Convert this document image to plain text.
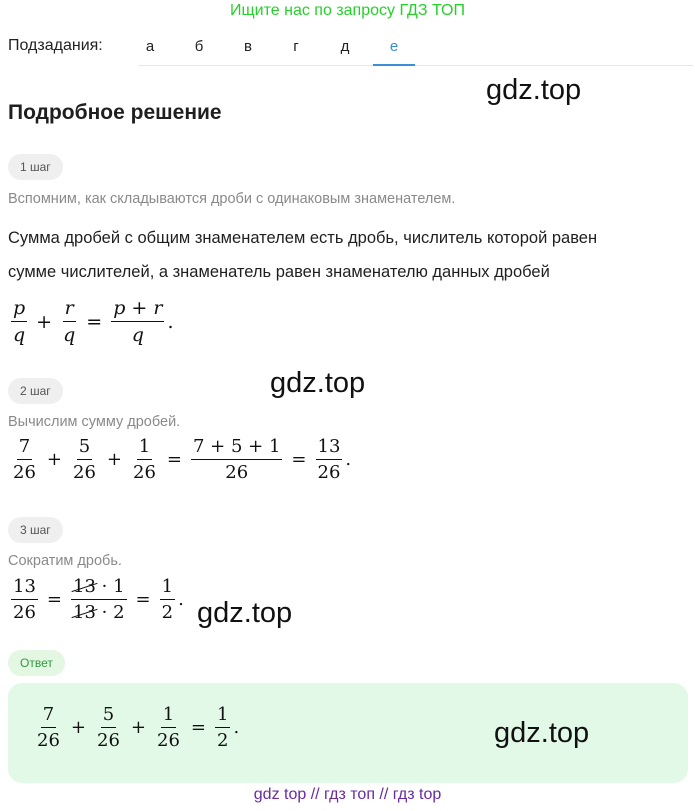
Ищите нас по запросу ГДЗ ТОП
Подзадания:	а	б	в	г	д	е
gdz.top
Подробное решение
1 шаг
Вспомним, как складываются дроби с одинаковым знаменателем.
Сумма дробей с общим знаменателем есть дробь, числитель которой равен
сумме числителей, а знаменатель равен знаменателю данных дробей
$\frac{p}{q} + \frac{r}{q} = \frac{p + r}{q}$ .
gdz.top
2 шаг
Вычислим сумму дробей.
$\frac{7}{26} + \frac{5}{26} + \frac{1}{26} = \frac{7 + 5 + 1}{26} = \frac{13}{26}$ .
3 шаг
Сократим дробь.
$\frac{13}{26} = \frac{13 \cdot 1}{13 \cdot 2} = \frac{1}{2}$ . gdz.top
Ответ
$\frac{7}{26} + \frac{5}{26} + \frac{1}{26} = \frac{1}{2}$ .	gdz.top
gdz top // гдз топ // гдз top
